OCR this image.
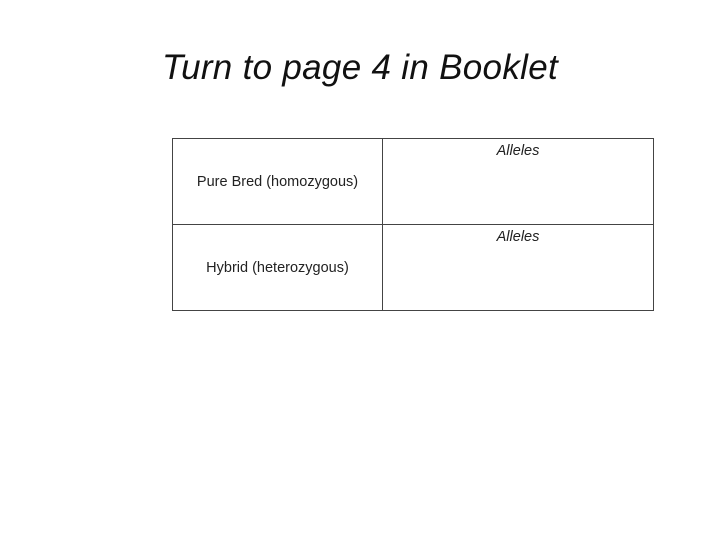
Turn to page 4 in Booklet
Pure Bred (homozygous)	Alleles

Hybrid (heterozygous)	Alleles
